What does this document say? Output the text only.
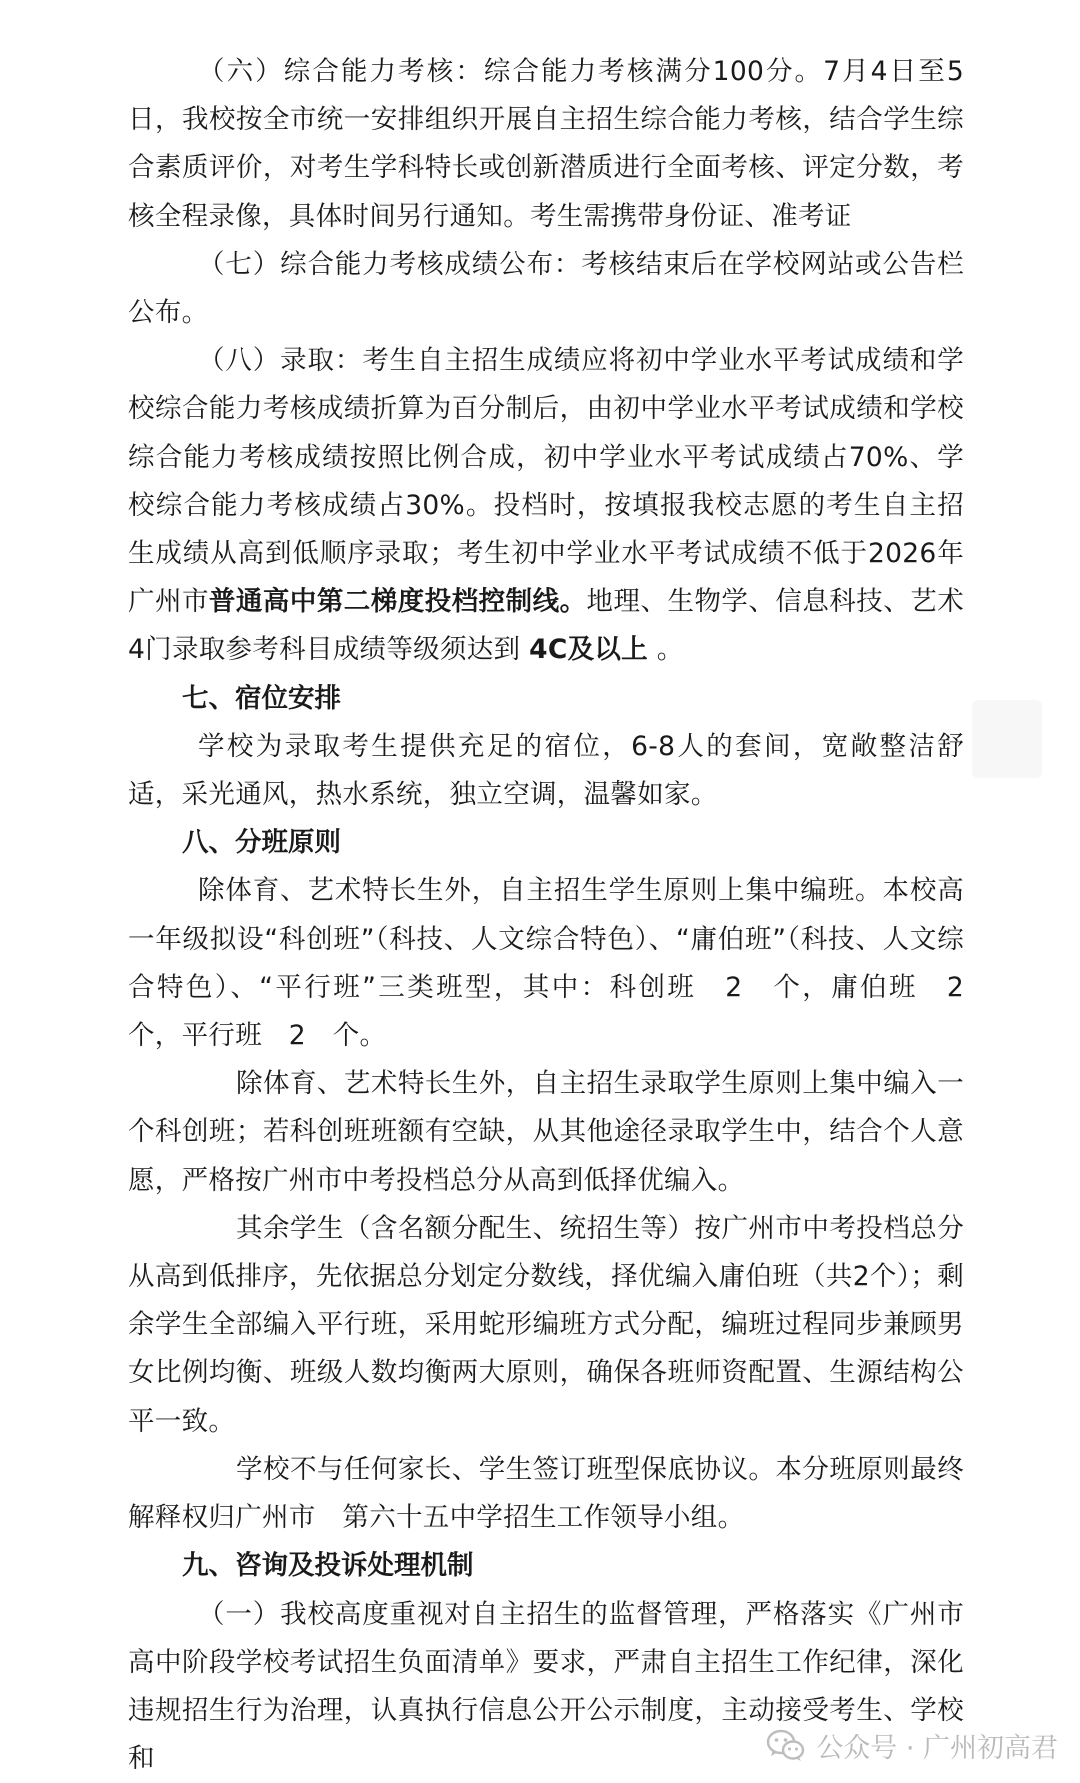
（六）综合能力考核：综合能力考核满分100分。7月4日至5日，我校按全市统一安排组织开展自主招生综合能力考核，结合学生综合素质评价，对考生学科特长或创新潜质进行全面考核、评定分数，考核全程录像，具体时间另行通知。考生需携带身份证、准考证

（七）综合能力考核成绩公布：考核结束后在学校网站或公告栏公布。

（八）录取：考生自主招生成绩应将初中学业水平考试成绩和学校综合能力考核成绩折算为百分制后，由初中学业水平考试成绩和学校综合能力考核成绩按照比例合成，初中学业水平考试成绩占70%、学校综合能力考核成绩占30%。投档时，按填报我校志愿的考生自主招生成绩从高到低顺序录取；考生初中学业水平考试成绩不低于2026年广州市普通高中第二梯度投档控制线。地理、生物学、信息科技、艺术4门录取参考科目成绩等级须达到 4C及以上 。

七、宿位安排

学校为录取考生提供充足的宿位，6-8人的套间，宽敞整洁舒适，采光通风，热水系统，独立空调，温馨如家。

八、分班原则

除体育、艺术特长生外，自主招生学生原则上集中编班。本校高一年级拟设“科创班”（科技、人文综合特色）、“庸伯班”（科技、人文综合特色）、“平行班”三类班型，其中：科创班　2　个，庸伯班　2　个，平行班　2　个。

除体育、艺术特长生外，自主招生录取学生原则上集中编入一个科创班；若科创班班额有空缺，从其他途径录取学生中，结合个人意愿，严格按广州市中考投档总分从高到低择优编入。

其余学生（含名额分配生、统招生等）按广州市中考投档总分从高到低排序，先依据总分划定分数线，择优编入庸伯班（共2个）；剩余学生全部编入平行班，采用蛇形编班方式分配，编班过程同步兼顾男女比例均衡、班级人数均衡两大原则，确保各班师资配置、生源结构公平一致。

学校不与任何家长、学生签订班型保底协议。本分班原则最终解释权归广州市　第六十五中学招生工作领导小组。

九、咨询及投诉处理机制

（一）我校高度重视对自主招生的监督管理，严格落实《广州市高中阶段学校考试招生负面清单》要求，严肃自主招生工作纪律，深化违规招生行为治理，认真执行信息公开公示制度，主动接受考生、学校和	公众号 · 广州初高君
